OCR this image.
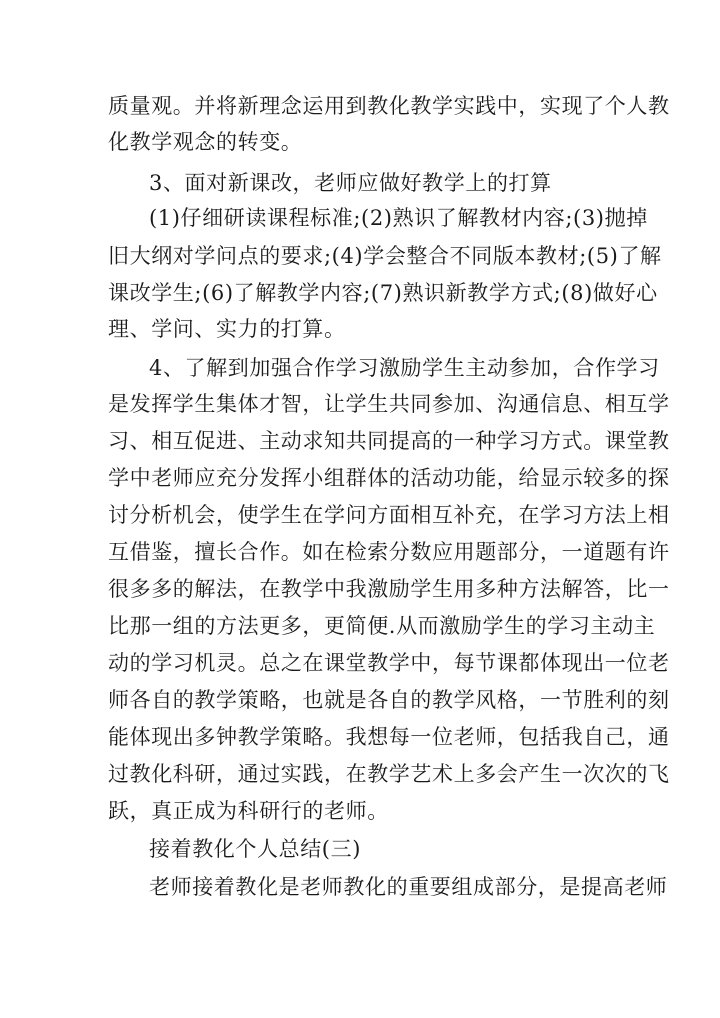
质量观。并将新理念运用到教化教学实践中，实现了个人教

化教学观念的转变。

3、面对新课改，老师应做好教学上的打算

(1)仔细研读课程标准;(2)熟识了解教材内容;(3)抛掉

旧大纲对学问点的要求;(4)学会整合不同版本教材;(5)了解

课改学生;(6)了解教学内容;(7)熟识新教学方式;(8)做好心

理、学问、实力的打算。

4、了解到加强合作学习激励学生主动参加，合作学习

是发挥学生集体才智，让学生共同参加、沟通信息、相互学

习、相互促进、主动求知共同提高的一种学习方式。课堂教

学中老师应充分发挥小组群体的活动功能，给显示较多的探

讨分析机会，使学生在学问方面相互补充，在学习方法上相

互借鉴，擅长合作。如在检索分数应用题部分，一道题有许

很多多的解法，在教学中我激励学生用多种方法解答，比一

比那一组的方法更多，更简便.从而激励学生的学习主动主

动的学习机灵。总之在课堂教学中，每节课都体现出一位老

师各自的教学策略，也就是各自的教学风格，一节胜利的刻

能体现出多钟教学策略。我想每一位老师，包括我自己，通

过教化科研，通过实践，在教学艺术上多会产生一次次的飞

跃，真正成为科研行的老师。

接着教化个人总结(三)

老师接着教化是老师教化的重要组成部分，是提高老师
